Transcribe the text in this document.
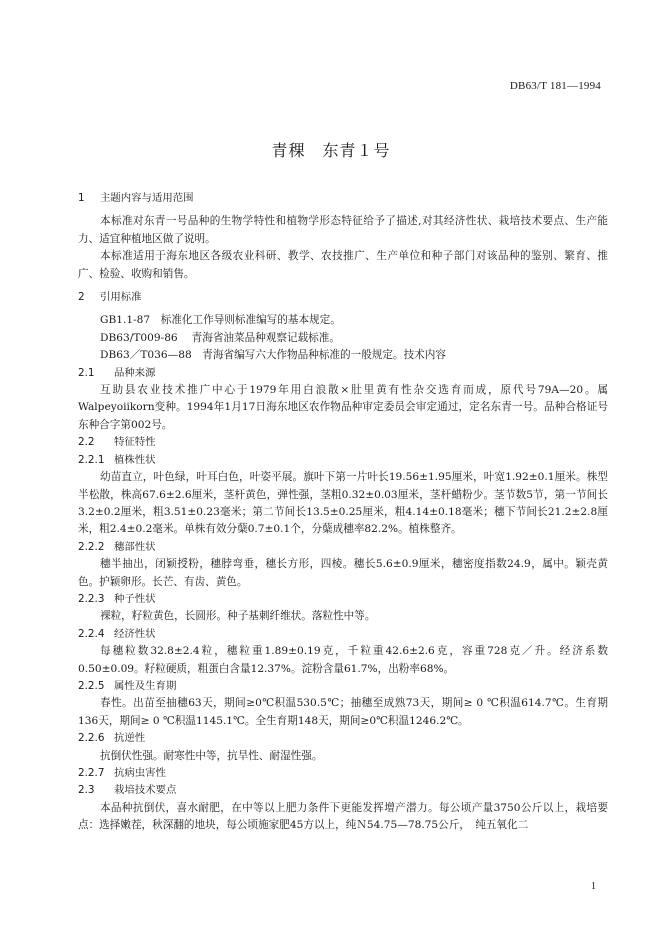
DB63/T 181—1994
青稞　东青１号

1 主题内容与适用范围

本标准对东青一号品种的生物学特性和植物学形态特征给予了描述,对其经济性状、栽培技术要点、生产能力、适宜种植地区做了说明。

本标准适用于海东地区各级农业科研、教学、农技推广、生产单位和种子部门对该品种的鉴别、繁育、推广、检验、收购和销售。

2 引用标准

GB1.1-87　标准化工作导则标准编写的基本规定。

DB63/T009-86　 青海省油菜品种观察记载标准。

DB63／T036—88　青海省编写六大作物品种标准的一般规定。技术内容

2.1 品种来源

互助县农业技术推广中心于1979年用白浪散×肚里黄有性杂交选育而成，原代号79A—20。属Walpeyoiikorn变种。1994年1月17日海东地区农作物品种审定委员会审定通过，定名东青一号。品种合格证号东种合字第002号。

2.2 特征特性

2.2.1 植株性状

幼苗直立，叶色绿，叶耳白色，叶姿平展。旗叶下第一片叶长19.56±1.95厘米，叶宽1.92±0.1厘米。株型半松散，株高67.6±2.6厘米，茎杆黄色，弹性强，茎粗0.32±0.03厘米，茎杆蜡粉少。茎节数5节，第一节间长3.2±0.2厘米，粗3.51±0.23毫米；第二节间长13.5±0.25厘米，粗4.14±0.18毫米；穗下节间长21.2±2.8厘米，粗2.4±0.2毫米。单株有效分蘖0.7±0.1个，分蘖成穗率82.2%。植株整齐。

2.2.2 穗部性状

穗半抽出，闭颖授粉，穗脖弯垂，穗长方形，四棱。穗长5.6±0.9厘米，穗密度指数24.9，属中。颖壳黄色。护颖卵形。长芒、有齿、黄色。

2.2.3 种子性状

裸粒，籽粒黄色，长圆形。种子基刺纤维状。落粒性中等。

2.2.4 经济性状

每穗粒数32.8±2.4粒，穗粒重1.89±0.19克，千粒重42.6±2.6克，容重728克／升。经济系数0.50±0.09。籽粒硬质，粗蛋白含量12.37%。淀粉含量61.7%，出粉率68%。

2.2.5 属性及生育期

春性。出苗至抽穗63天，期间≥0℃积温530.5℃；抽穗至成熟73天，期间≥ 0 ℃积温614.7℃。生育期136天，期间≥ 0 ℃积温1145.1℃。全生育期148天，期间≥0℃积温1246.2℃。

2.2.6 抗逆性

抗倒伏性强。耐寒性中等，抗旱性、耐湿性强。

2.2.7 抗病虫害性

2.3 栽培技术要点

本品种抗倒伏，喜水耐肥，在中等以上肥力条件下更能发挥增产潜力。每公顷产量3750公斤以上，栽培要点：选择嫩茬，秋深翻的地块，每公顷施家肥45方以上，纯Ｎ54.75—78.75公斤，　纯五氧化二

1
